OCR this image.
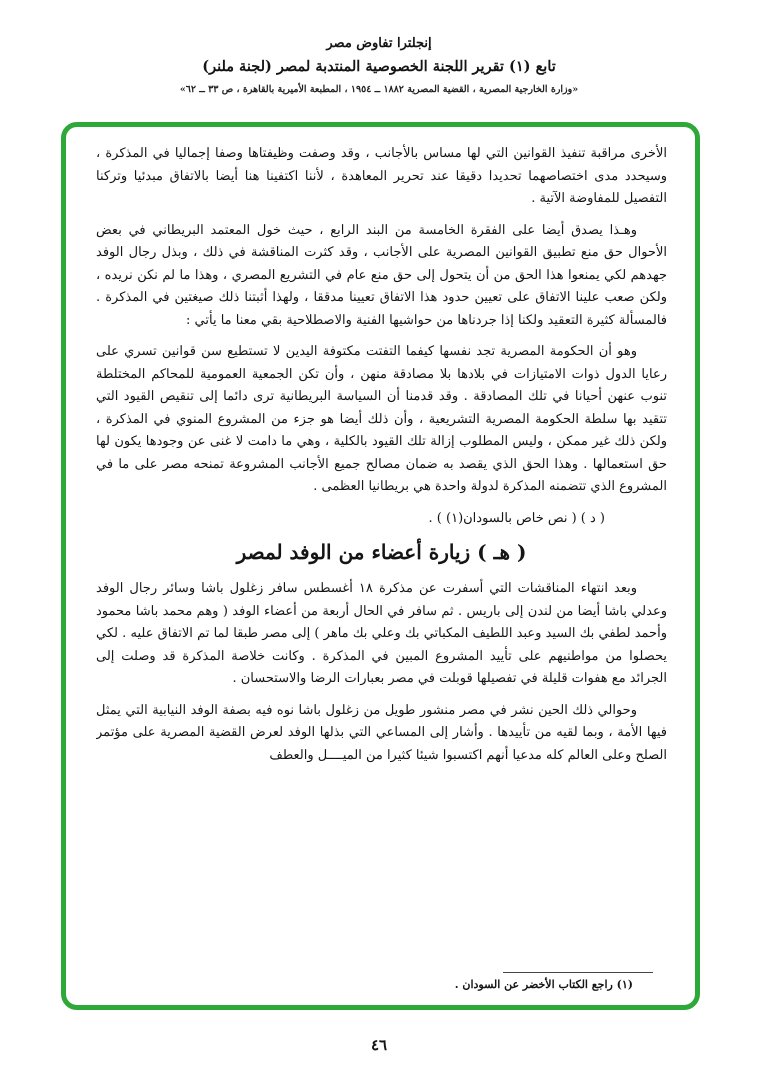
إنجلترا تفاوض مصر
تابع (١) تقرير اللجنة الخصوصية المنتدبة لمصر (لجنة ملنر)
«وزارة الخارجية المصرية ، القضية المصرية ١٨٨٢ ــ ١٩٥٤ ، المطبعة الأميرية بالقاهرة ، ص ٣٣ ــ ٦٢»

الأخرى مراقبة تنفيذ القوانين التي لها مساس بالأجانب ، وقد وصفت وظيفتاها وصفا إجماليا في المذكرة ، وسيحدد مدى اختصاصهما تحديدا دقيقا عند تحرير المعاهدة ، لأننا اكتفينا هنا أيضا بالاتفاق مبدئيا وتركنا التفصيل للمفاوضة الآتية .

وهـذا يصدق أيضا على الفقرة الخامسة من البند الرابع ، حيث خول المعتمد البريطاني في بعض الأحوال حق منع تطبيق القوانين المصرية على الأجانب ، وقد كثرت المناقشة في ذلك ، وبذل رجال الوفد جهدهم لكي يمنعوا هذا الحق من أن يتحول إلى حق منع عام في التشريع المصري ، وهذا ما لم نكن نريده ، ولكن صعب علينا الاتفاق على تعيين حدود هذا الاتفاق تعيينا مدققا ، ولهذا أثبتنا ذلك صيغتين في المذكرة . فالمسألة كثيرة التعقيد ولكنا إذا جردناها من حواشيها الفنية والاصطلاحية بقي معنا ما يأتي :

وهو أن الحكومة المصرية تجد نفسها كيفما التفتت مكتوفة اليدين لا تستطيع سن قوانين تسري على رعايا الدول ذوات الامتيازات في بلادها بلا مصادقة منهن ، وأن تكن الجمعية العمومية للمحاكم المختلطة تنوب عنهن أحيانا في تلك المصادقة . وقد قدمنا أن السياسة البريطانية ترى دائما إلى تنقيص القيود التي تتقيد بها سلطة الحكومة المصرية التشريعية ، وأن ذلك أيضا هو جزء من المشروع المنوي في المذكرة ، ولكن ذلك غير ممكن ، وليس المطلوب إزالة تلك القيود بالكلية ، وهي ما دامت لا غنى عن وجودها يكون لها حق استعمالها . وهذا الحق الذي يقصد به ضمان مصالح جميع الأجانب المشروعة تمنحه مصر على ما في المشروع الذي تتضمنه المذكرة لدولة واحدة هي بريطانيا العظمى .

( د ) ( نص خاص بالسودان(١) ) .

( هـ ) زيارة أعضاء من الوفد لمصر

وبعد انتهاء المناقشات التي أسفرت عن مذكرة ١٨ أغسطس سافر زغلول باشا وسائر رجال الوفد وعدلي باشا أيضا من لندن إلى باريس . ثم سافر في الحال أربعة من أعضاء الوفد ( وهم محمد باشا محمود وأحمد لطفي بك السيد وعبد اللطيف المكباتي بك وعلي بك ماهر ) إلى مصر طبقا لما تم الاتفاق عليه . لكي يحصلوا من مواطنيهم على تأييد المشروع المبين في المذكرة . وكانت خلاصة المذكرة قد وصلت إلى الجرائد مع هفوات قليلة في تفصيلها قوبلت في مصر بعبارات الرضا والاستحسان .

وحوالي ذلك الحين نشر في مصر منشور طويل من زغلول باشا نوه فيه بصفة الوفد النيابية التي يمثل فيها الأمة ، وبما لقيه من تأييدها . وأشار إلى المساعي التي بذلها الوفد لعرض القضية المصرية على مؤتمر الصلح وعلى العالم كله مدعيا أنهم اكتسبوا شيئا كثيرا من الميــــل والعطف

(١) راجع الكتاب الأخضر عن السودان .
٤٦
